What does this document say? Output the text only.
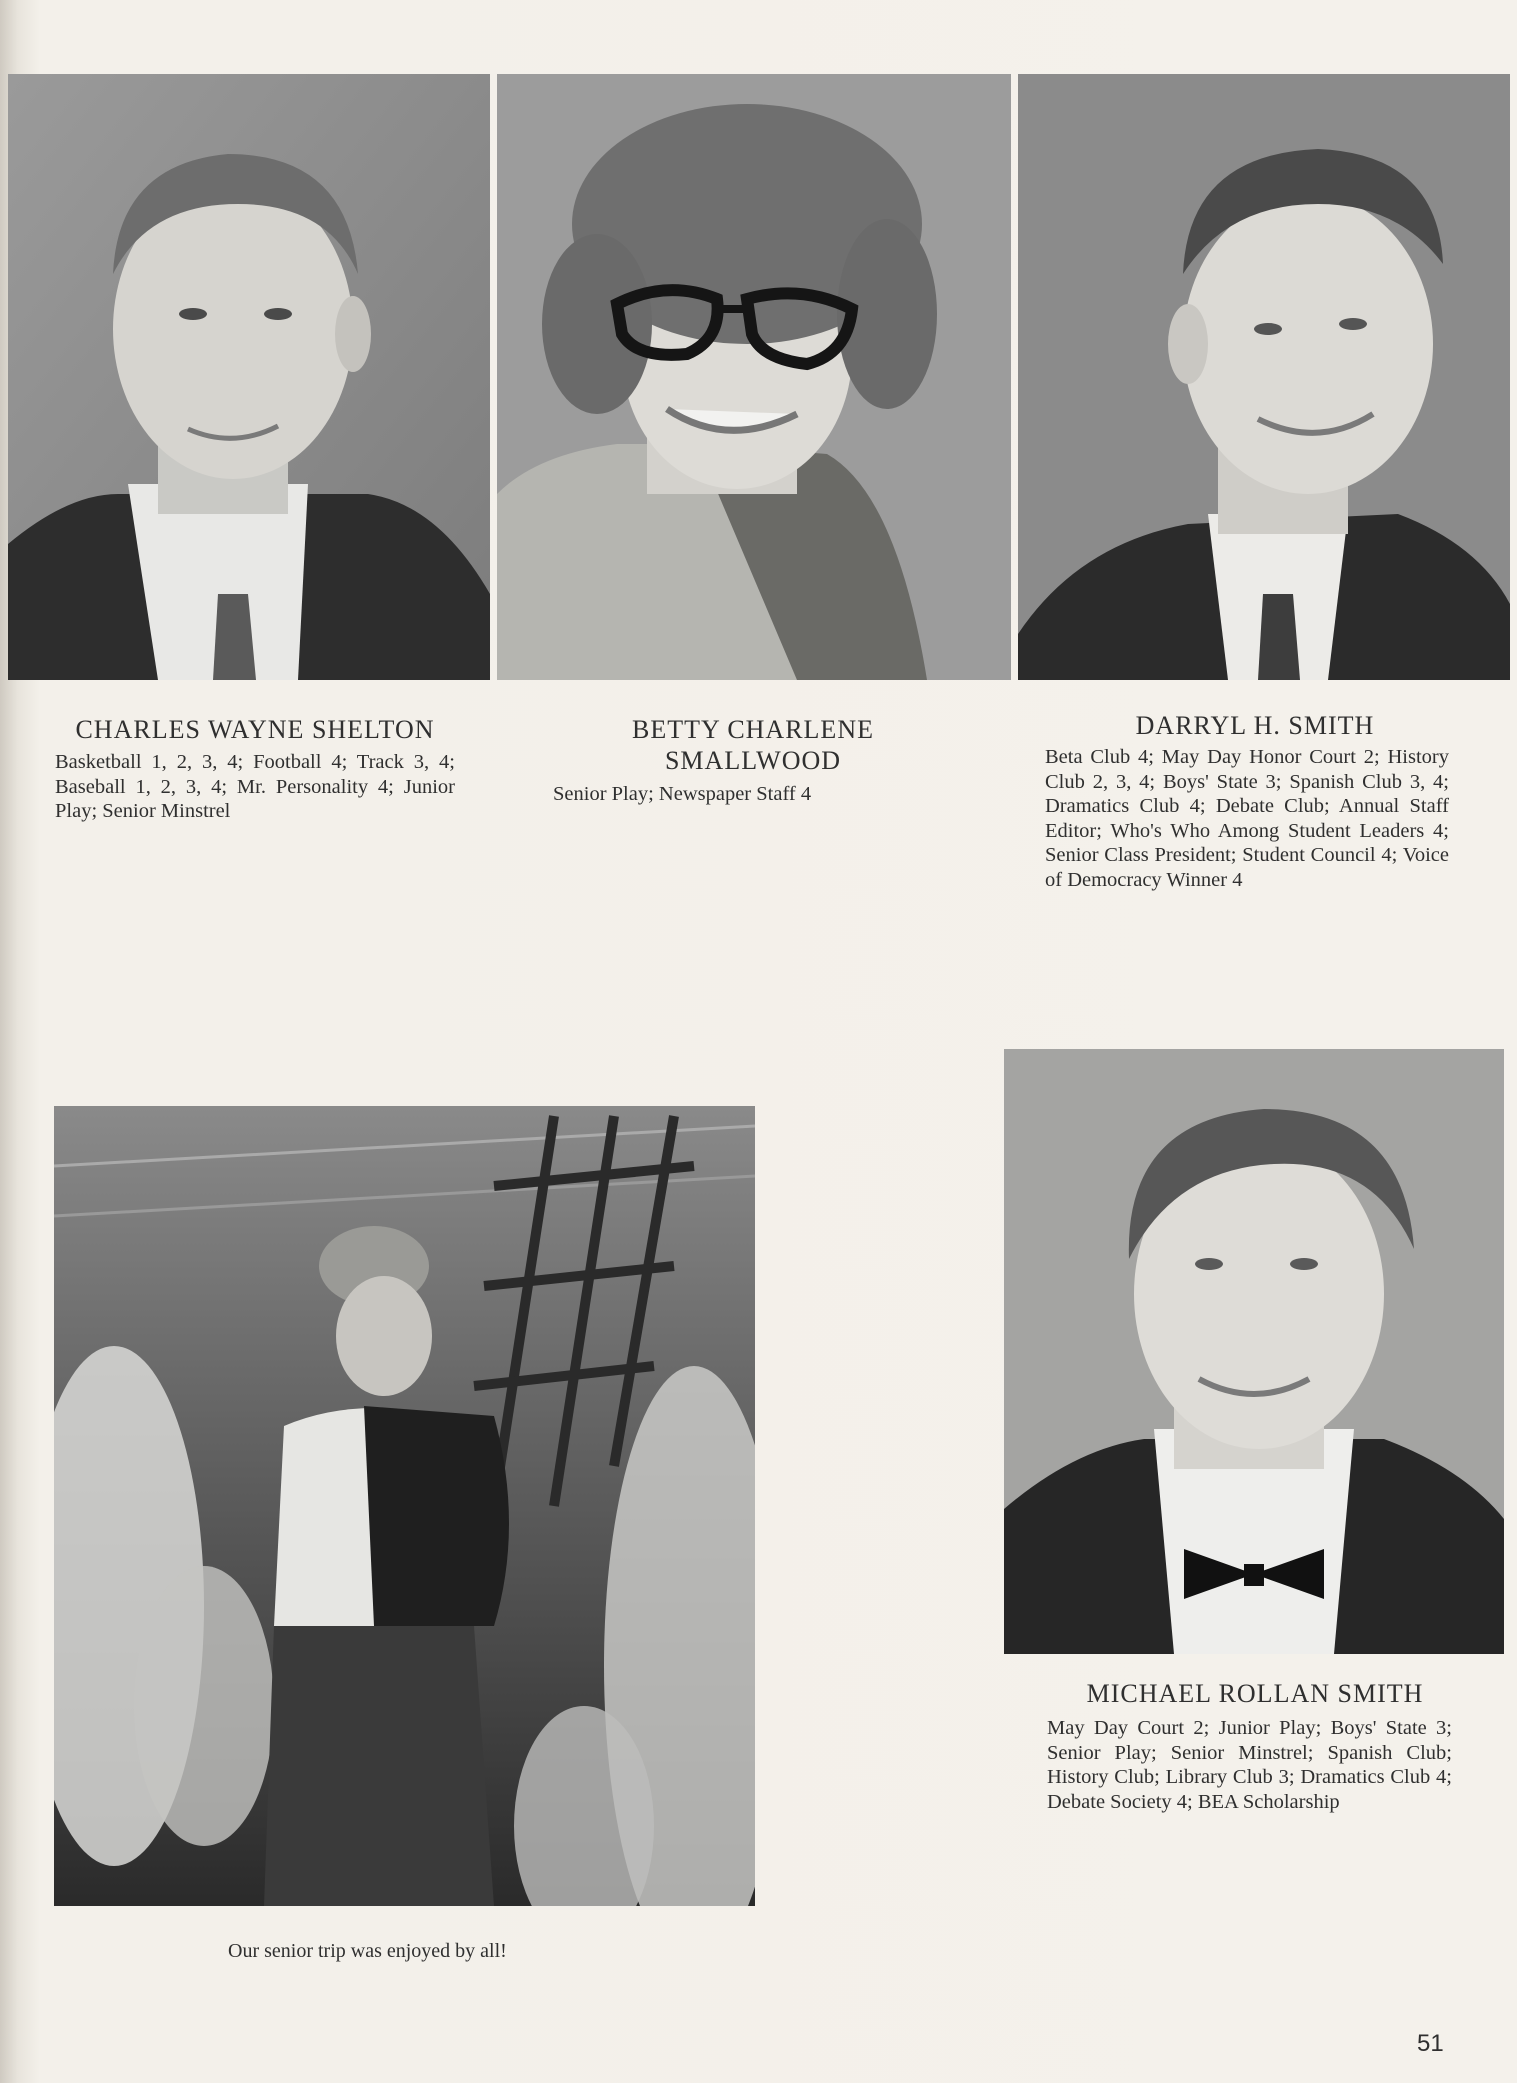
CHARLES WAYNE SHELTON
Basketball 1, 2, 3, 4; Football 4; Track 3, 4; Baseball 1, 2, 3, 4; Mr. Personality 4; Junior Play; Senior Minstrel
BETTY CHARLENE
SMALLWOOD
Senior Play; Newspaper Staff 4
DARRYL H. SMITH
Beta Club 4; May Day Honor Court 2; History Club 2, 3, 4; Boys' State 3; Spanish Club 3, 4; Dramatics Club 4; Debate Club; Annual Staff Editor; Who's Who Among Student Leaders 4; Senior Class President; Student Council 4; Voice of Democracy Winner 4
Our senior trip was enjoyed by all!
MICHAEL ROLLAN SMITH
May Day Court 2; Junior Play; Boys' State 3; Senior Play; Senior Minstrel; Spanish Club; History Club; Library Club 3; Dramatics Club 4; Debate Society 4; BEA Scholarship
51
